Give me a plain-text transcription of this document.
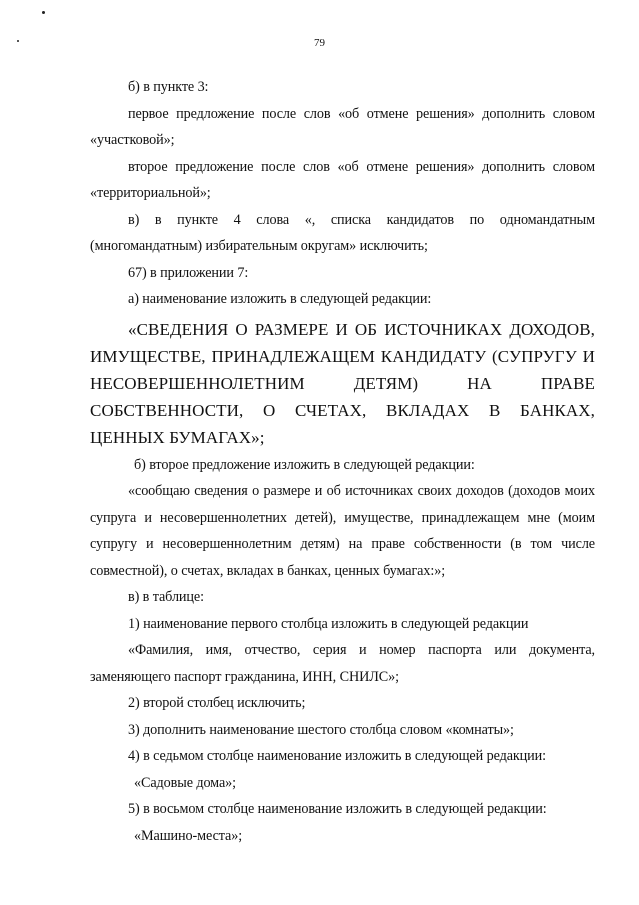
79

б) в пункте 3:

первое предложение после слов «об отмене решения» дополнить словом «участковой»;

второе предложение после слов «об отмене решения» дополнить словом «территориальной»;

в) в пункте 4 слова «, списка кандидатов по одномандатным (многомандатным) избирательным округам» исключить;

67) в приложении 7:

а) наименование изложить в следующей редакции:

«СВЕДЕНИЯ О РАЗМЕРЕ И ОБ ИСТОЧНИКАХ ДОХОДОВ, ИМУЩЕСТВЕ, ПРИНАДЛЕЖАЩЕМ КАНДИДАТУ (СУПРУГУ И НЕСОВЕРШЕННОЛЕТНИМ ДЕТЯМ) НА ПРАВЕ СОБСТВЕННОСТИ, О СЧЕТАХ, ВКЛАДАХ В БАНКАХ, ЦЕННЫХ БУМАГАХ»;

б) второе предложение изложить в следующей редакции:

«сообщаю сведения о размере и об источниках своих доходов (доходов моих супруга и несовершеннолетних детей), имуществе, принадлежащем мне (моим супругу и несовершеннолетним детям) на праве собственности (в том числе совместной), о счетах, вкладах в банках, ценных бумагах:»;

в) в таблице:

1) наименование первого столбца изложить в следующей редакции

«Фамилия, имя, отчество, серия и номер паспорта или документа, заменяющего паспорт гражданина, ИНН, СНИЛС»;

2) второй столбец исключить;

3) дополнить наименование шестого столбца словом «комнаты»;

4) в седьмом столбце наименование изложить в следующей редакции:

«Садовые дома»;

5) в восьмом столбце наименование изложить в следующей редакции:

«Машино-места»;
